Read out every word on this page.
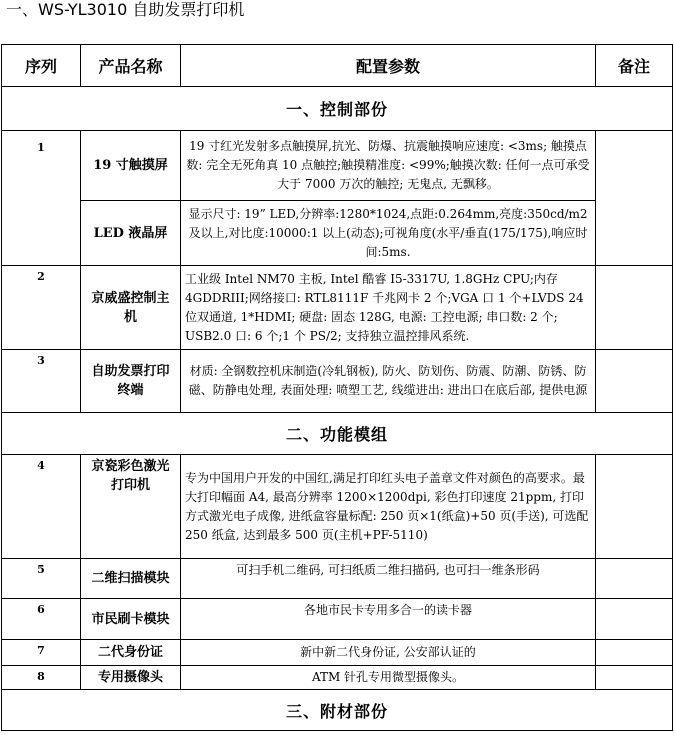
一、WS-YL3010 自助发票打印机
序列	产品名称	配置参数	备注
一、控制部份			
1	19 寸触摸屏	19 寸红光发射多点触摸屏,抗光、防爆、抗震触摸响应速度: <3ms; 触摸点数: 完全无死角真 10 点触控;触摸精准度: <99%;触摸次数: 任何一点可承受大于 7000 万次的触控; 无鬼点, 无飘移。	
	LED 液晶屏	显示尺寸: 19” LED,分辨率:1280*1024,点距:0.264mm,亮度:350cd/m2 及以上,对比度:10000:1 以上(动态);可视角度(水平/垂直(175/175),响应时间:5ms.	
2	京威盛控制主机	工业级 Intel NM70 主板, Intel 酷睿 I5-3317U, 1.8GHz CPU;内存4GDDRIII;网络接口: RTL8111F 千兆网卡 2 个;VGA 口 1 个+LVDS 24位双通道, 1*HDMI; 硬盘: 固态 128G, 电源: 工控电源; 串口数: 2 个; USB2.0 口: 6 个;1 个 PS/2; 支持独立温控排风系统.	
3	自助发票打印终端	材质: 全钢数控机床制造(冷轧钢板), 防火、防划伤、防震、防潮、防锈、防磁、防静电处理, 表面处理: 喷塑工艺, 线缆进出: 进出口在底后部, 提供电源	
二、功能模组			
4	京瓷彩色激光打印机	专为中国用户开发的中国红,满足打印红头电子盖章文件对颜色的高要求。最大打印幅面 A4, 最高分辨率 1200×1200dpi, 彩色打印速度 21ppm, 打印方式激光电子成像, 进纸盒容量标配: 250 页×1(纸盒)+50 页(手送), 可选配 250 纸盒, 达到最多 500 页(主机+PF-5110)	
5	二维扫描模块	可扫手机二维码, 可扫纸质二维扫描码, 也可扫一维条形码	
6	市民刷卡模块	各地市民卡专用多合一的读卡器	
7	二代身份证	新中新二代身份证, 公安部认证的	
8	专用摄像头	ATM 针孔专用微型摄像头。	
三、附材部份			
